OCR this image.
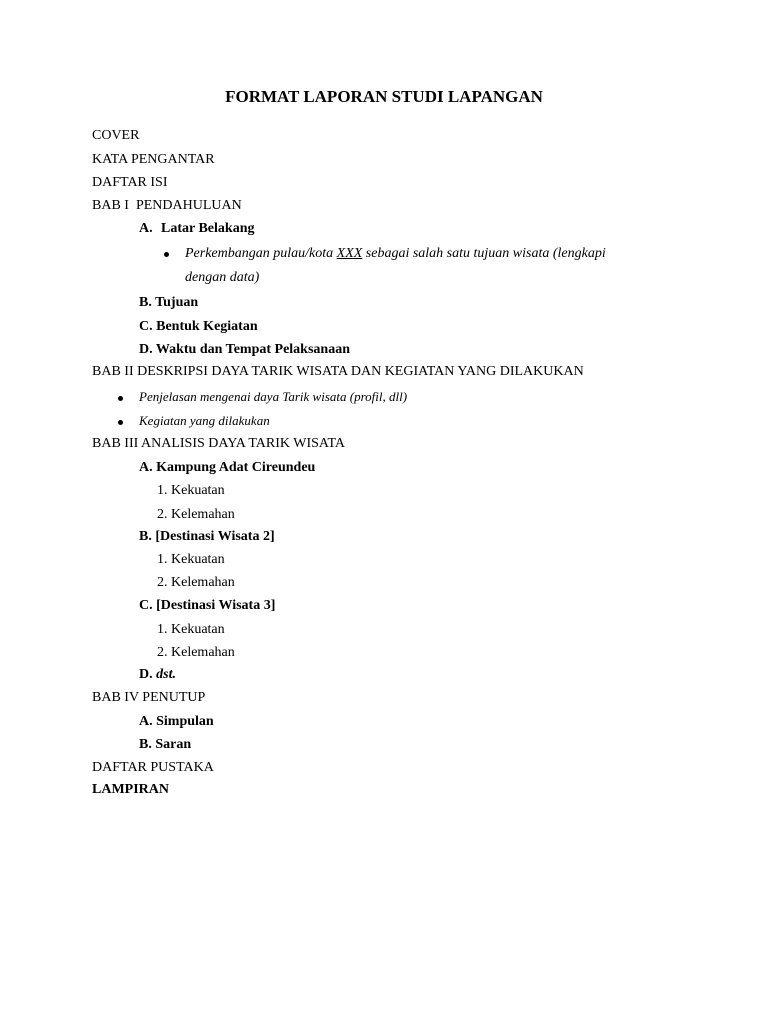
FORMAT LAPORAN STUDI LAPANGAN
COVER
KATA PENGANTAR
DAFTAR ISI
BAB I  PENDAHULUAN
A. Latar Belakang
Perkembangan pulau/kota XXX sebagai salah satu tujuan wisata (lengkapi
dengan data)
B. Tujuan
C. Bentuk Kegiatan
D. Waktu dan Tempat Pelaksanaan
BAB II DESKRIPSI DAYA TARIK WISATA DAN KEGIATAN YANG DILAKUKAN
Penjelasan mengenai daya Tarik wisata (profil, dll)
Kegiatan yang dilakukan
BAB III ANALISIS DAYA TARIK WISATA
A. Kampung Adat Cireundeu
1. Kekuatan
2. Kelemahan
B. [Destinasi Wisata 2]
1. Kekuatan
2. Kelemahan
C. [Destinasi Wisata 3]
1. Kekuatan
2. Kelemahan
D. dst.
BAB IV PENUTUP
A. Simpulan
B. Saran
DAFTAR PUSTAKA
LAMPIRAN
